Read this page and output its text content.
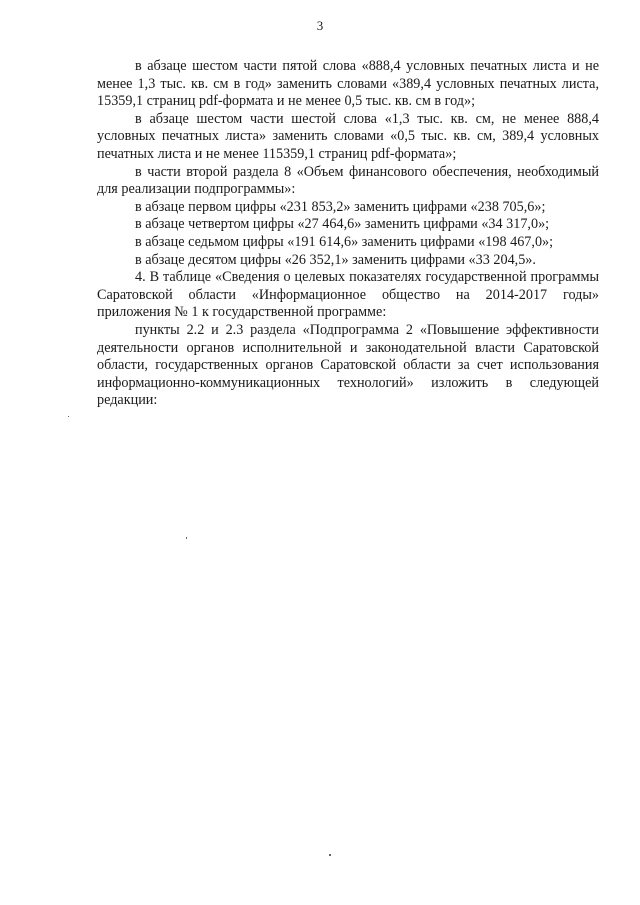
3

в абзаце шестом части пятой слова «888,4 условных печатных листа и не менее 1,3 тыс. кв. см в год» заменить словами «389,4 условных печатных листа, 15359,1 страниц pdf-формата и не менее 0,5 тыс. кв. см в год»;

в абзаце шестом части шестой слова «1,3 тыс. кв. см, не менее 888,4 условных печатных листа» заменить словами «0,5 тыс. кв. см, 389,4 условных печатных листа и не менее 115359,1 страниц pdf-формата»;

в части второй раздела 8 «Объем финансового обеспечения, необходимый для реализации подпрограммы»:

в абзаце первом цифры «231 853,2» заменить цифрами «238 705,6»;

в абзаце четвертом цифры «27 464,6» заменить цифрами «34 317,0»;

в абзаце седьмом цифры «191 614,6» заменить цифрами «198 467,0»;

в абзаце десятом цифры «26 352,1» заменить цифрами «33 204,5».

4. В таблице «Сведения о целевых показателях государственной программы Саратовской области «Информационное общество на 2014-2017 годы» приложения № 1 к государственной программе:

пункты 2.2 и 2.3 раздела «Подпрограмма 2 «Повышение эффективности деятельности органов исполнительной и законодательной власти Саратовской области, государственных органов Саратовской области за счет использования информационно-коммуникационных технологий» изложить в следующей редакции:
